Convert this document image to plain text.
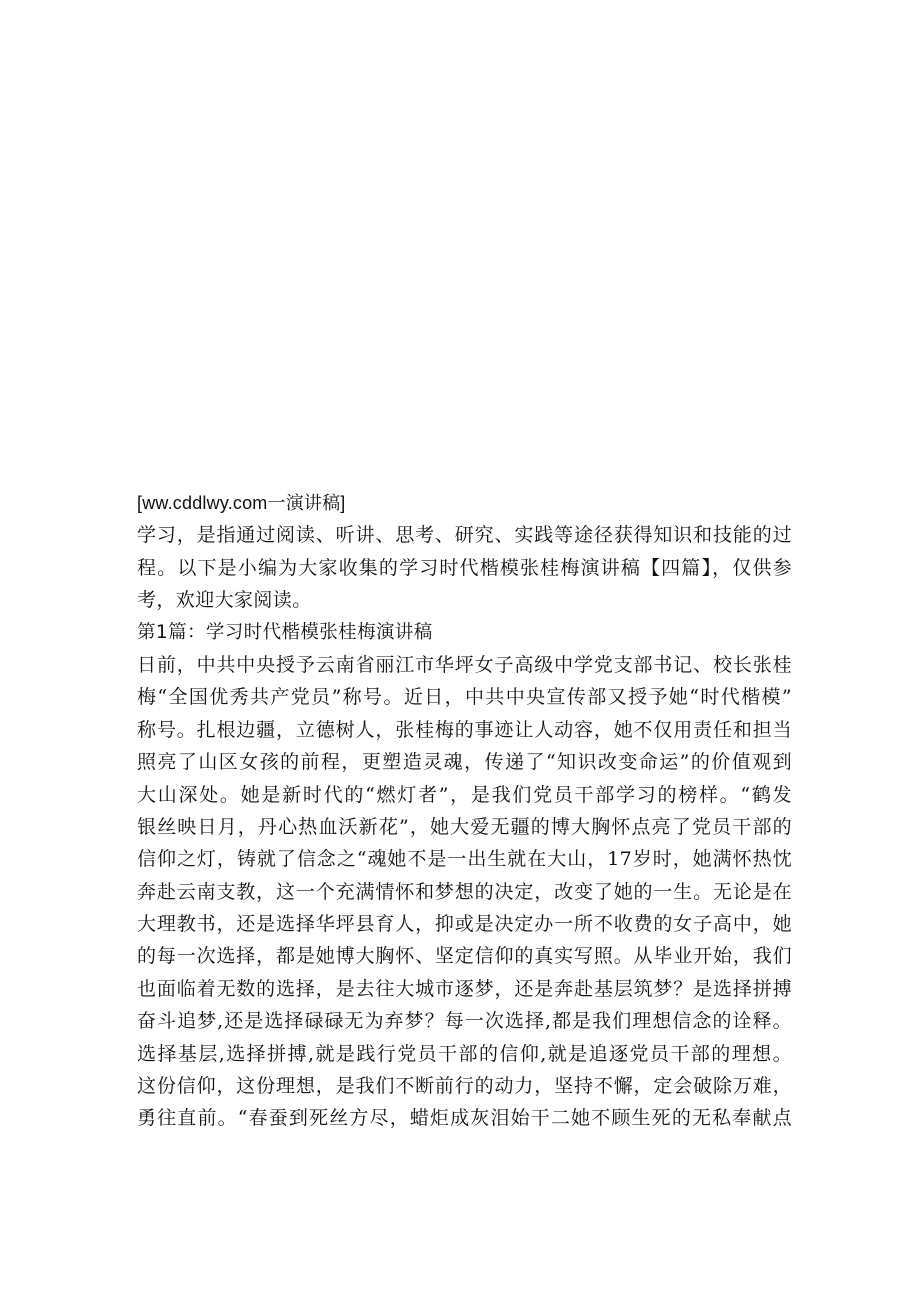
[ww.cddlwy.com一演讲稿]
学习，是指通过阅读、听讲、思考、研究、实践等途径获得知识和技能的过
程。以下是小编为大家收集的学习时代楷模张桂梅演讲稿【四篇】，仅供参
考，欢迎大家阅读。
第1篇：学习时代楷模张桂梅演讲稿
日前，中共中央授予云南省丽江市华坪女子高级中学党支部书记、校长张桂
梅“全国优秀共产党员”称号。近日，中共中央宣传部又授予她“时代楷模”
称号。扎根边疆，立德树人，张桂梅的事迹让人动容，她不仅用责任和担当
照亮了山区女孩的前程，更塑造灵魂，传递了“知识改变命运”的价值观到
大山深处。她是新时代的“燃灯者”，是我们党员干部学习的榜样。“鹤发
银丝映日月，丹心热血沃新花”，她大爱无疆的博大胸怀点亮了党员干部的
信仰之灯，铸就了信念之“魂她不是一出生就在大山，17岁时，她满怀热忱
奔赴云南支教，这一个充满情怀和梦想的决定，改变了她的一生。无论是在
大理教书，还是选择华坪县育人，抑或是决定办一所不收费的女子高中，她
的每一次选择，都是她博大胸怀、坚定信仰的真实写照。从毕业开始，我们
也面临着无数的选择，是去往大城市逐梦，还是奔赴基层筑梦？是选择拼搏
奋斗追梦,还是选择碌碌无为弃梦？每一次选择,都是我们理想信念的诠释。
选择基层,选择拼搏,就是践行党员干部的信仰,就是追逐党员干部的理想。
这份信仰，这份理想，是我们不断前行的动力，坚持不懈，定会破除万难，
勇往直前。“春蚕到死丝方尽，蜡炬成灰泪始干二她不顾生死的无私奉献点
